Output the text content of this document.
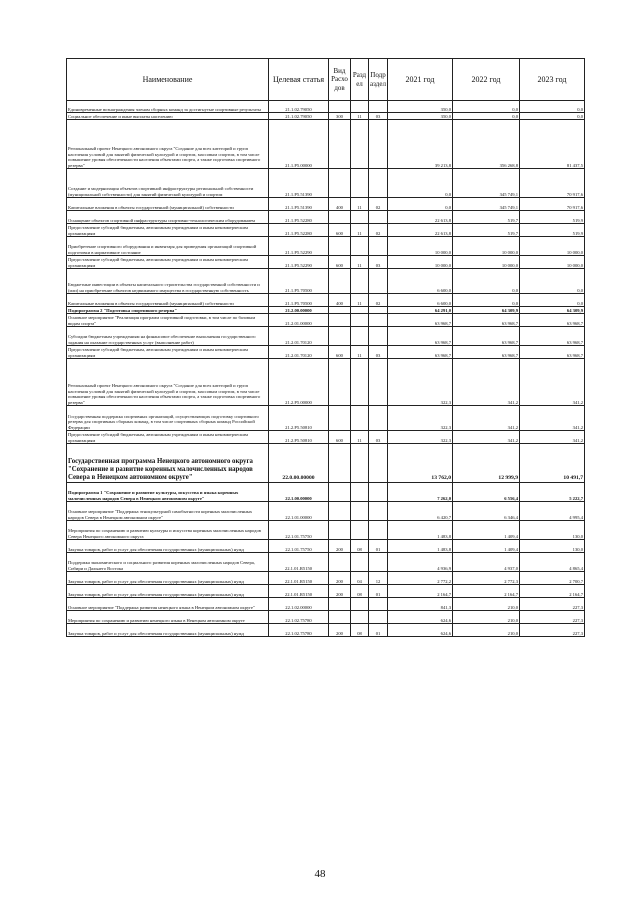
Наименование	Целевая статья	Вид Расхо дов	Разд ел	Подр аздел	2021 год	2022 год	2023 год
Единовременные вознаграждения членам сборных команд за достигнутые спортивные результаты	21.1.02.79050				350,0	0,0	0,0
Социальное обеспечение и иные выплаты населению	21.1.02.79050	300	11	03	350,0	0,0	0,0
Региональный проект Ненецкого автономного округа "Создание для всех категорий и групп населения условий для занятий физической культурой и спортом, массовым спортом, в том числе повышение уровня обеспеченности населения объектами спорта, а также подготовка спортивного резерва"	21.1.P5.00000				39 213,8	356 268,8	81 437,5
Создание и модернизация объектов спортивной инфраструктуры региональной собственности (муниципальной собственности) для занятий физической культурой и спортом	21.1.P5.51390				0,0	345 749,1	70 917,6
Капитальные вложения в объекты государственной (муниципальной) собственности	21.1.P5.51390	400	11	02	0,0	345 749,1	70 917,6
Оснащение объектов спортивной инфраструктуры спортивно-технологическим оборудованием	21.1.P5.52280				22 613,8	519,7	519,9
Предоставление субсидий бюджетным, автономным учреждениям и иным некоммерческим организациям	21.1.P5.52280	600	11	02	22 613,8	519,7	519,9
Приобретение спортивного оборудования и инвентаря для приведения организаций спортивной подготовки в нормативное состояние	21.1.P5.52290				10 000,0	10 000,0	10 000,0
Предоставление субсидий бюджетным, автономным учреждениям и иным некоммерческим организациям	21.1.P5.52290	600	11	03	10 000,0	10 000,0	10 000,0
Бюджетные инвестиции в объекты капитального строительства государственной собственности и (или) на приобретение объектов недвижимого имущества в государственную собственность	21.1.P5.70500				6 600,0	0,0	0,0
Капитальные вложения в объекты государственной (муниципальной) собственности	21.1.P5.70500	400	11	02	6 600,0	0,0	0,0
Подпрограмма 2 "Подготовка спортивного резерва"	21.2.00.00000				64 291,0	64 309,9	64 309,9
Основное мероприятие "Реализация программ спортивной подготовки, в том числе по базовым видам спорта"	21.2.01.00000				63 968,7	63 968,7	63 968,7
Субсидии бюджетным учреждениям на финансовое обеспечение выполнения государственного задания на оказание государственных услуг (выполнение работ)	21.2.01.70120				63 968,7	63 968,7	63 968,7
Предоставление субсидий бюджетным, автономным учреждениям и иным некоммерческим организациям	21.2.01.70120	600	11	03	63 968,7	63 968,7	63 968,7
Региональный проект Ненецкого автономного округа "Создание для всех категорий и групп населения условий для занятий физической культурой и спортом, массовым спортом, в том числе повышение уровня обеспеченности населения объектами спорта, а также подготовка спортивного резерва"	21.2.P5.00000				322,3	341,2	341,2
Государственная поддержка спортивных организаций, осуществляющих подготовку спортивного резерва для спортивных сборных команд, в том числе спортивных сборных команд Российской Федерации	21.2.P5.50810				322,3	341,2	341,2
Предоставление субсидий бюджетным, автономным учреждениям и иным некоммерческим организациям	21.2.P5.50810	600	11	03	322,3	341,2	341,2
Государственная программа Ненецкого автономного округа "Сохранение и развитие коренных малочисленных народов Севера в Ненецком автономном округе"	22.0.00.00000				13 762,0	12 999,9	10 491,7
Подпрограмма 1 "Сохранение и развитие культуры, искусства и языка коренных малочисленных народов Севера в Ненецком автономном округе"	22.1.00.00000				7 262,0	6 556,4	5 222,7
Основное мероприятие "Поддержка этнокультурной самобытности коренных малочисленных народов Севера в Ненецком автономном округе"	22.1.01.00000				6 420,7	6 346,4	4 995,4
Мероприятия по сохранению и развитию культуры и искусства коренных малочисленных народов Севера Ненецкого автономного округа	22.1.01.75750				1 483,8	1 409,4	130,0
Закупка товаров, работ и услуг для обеспечения государственных (муниципальных) нужд	22.1.01.75750	200	08	01	1 483,8	1 409,4	130,0
Поддержка экономического и социального развития коренных малочисленных народов Севера, Сибири и Дальнего Востока	22.1.01.R5150				4 936,9	4 937,0	4 865,4
Закупка товаров, работ и услуг для обеспечения государственных (муниципальных) нужд	22.1.01.R5150	200	04	12	2 772,2	2 772,3	2 700,7
Закупка товаров, работ и услуг для обеспечения государственных (муниципальных) нужд	22.1.01.R5150	200	08	01	2 164,7	2 164,7	2 164,7
Основное мероприятие "Поддержка развития ненецкого языка в Ненецком автономном округе"	22.1.02.00000				841,3	210,0	227,3
Мероприятия по сохранению и развитию ненецкого языка в Ненецком автономном округе	22.1.02.75780				624,6	210,0	227,3
Закупка товаров, работ и услуг для обеспечения государственных (муниципальных) нужд	22.1.02.75780	200	08	01	624,6	210,0	227,3
48
